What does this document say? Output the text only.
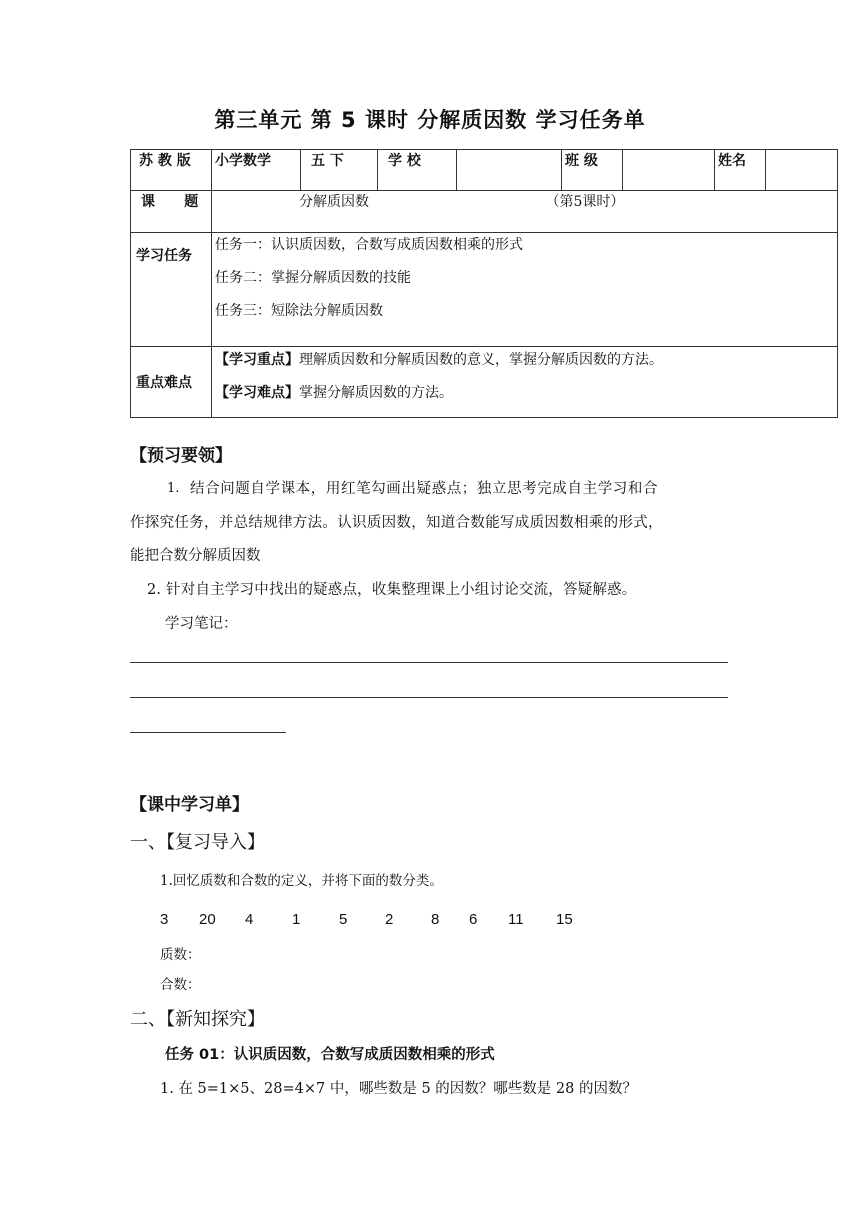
第三单元 第 5 课时 分解质因数 学习任务单
苏 教 版	小学数学	五 下	学 校		班 级		姓名	
课      题	分解质因数 （第5课时）							
学习任务	任务一：认识质因数，合数写成质因数相乘的形式
任务二：掌握分解质因数的技能
任务三：短除法分解质因数							

重点难点	【学习重点】理解质因数和分解质因数的意义，掌握分解质因数的方法。
【学习难点】掌握分解质因数的方法。							
【预习要领】
1. 结合问题自学课本，用红笔勾画出疑惑点；独立思考完成自主学习和合
作探究任务，并总结规律方法。认识质因数，知道合数能写成质因数相乘的形式，
能把合数分解质因数
2. 针对自主学习中找出的疑惑点，收集整理课上小组讨论交流，答疑解惑。
学习笔记：
【课中学习单】
一、【复习导入】
1.回忆质数和合数的定义，并将下面的数分类。
3 20 4	1	5	2	8 6 11 15
质数：
合数：
二、【新知探究】
任务 01：认识质因数，合数写成质因数相乘的形式
1. 在 5=1×5、28=4×7 中，哪些数是 5 的因数？哪些数是 28 的因数？
